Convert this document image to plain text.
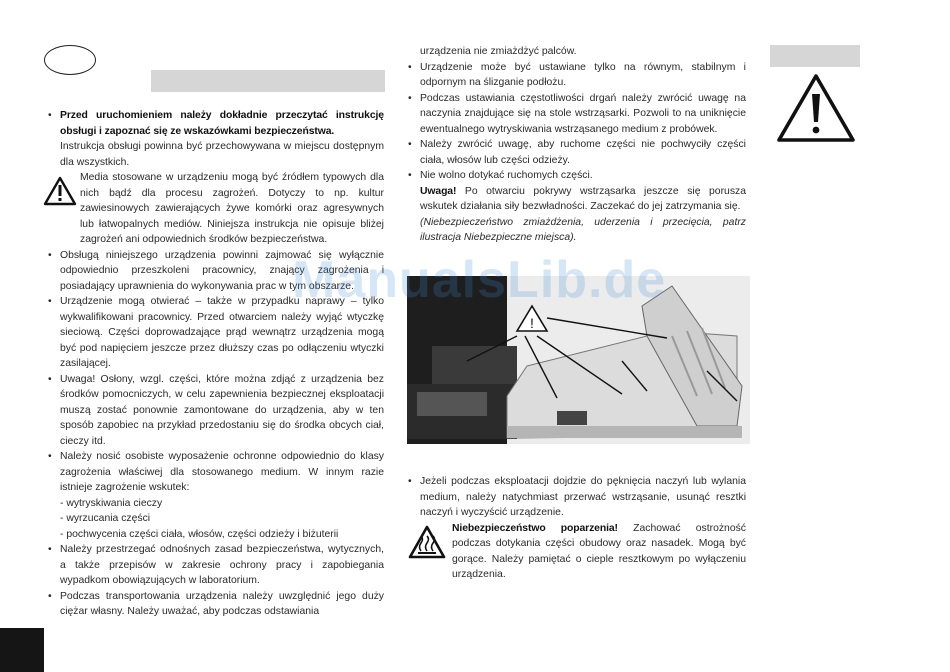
• Przed uruchomieniem należy dokładnie przeczytać instrukcję obsługi i zapoznać się ze wskazówkami bezpieczeństwa.

Instrukcja obsługi powinna być przechowywana w miejscu dostępnym dla wszystkich.

Media stosowane w urządzeniu mogą być źródłem typowych dla nich bądź dla procesu zagrożeń. Dotyczy to np. kultur zawiesinowych zawierających żywe komórki oraz agresywnych lub łatwopalnych mediów. Niniejsza instrukcja nie opisuje bliżej zagrożeń ani odpowiednich środków bezpieczeństwa.
• Obsługą niniejszego urządzenia powinni zajmować się wyłącznie odpowiednio przeszkoleni pracownicy, znający zagrożenia i posiadający uprawnienia do wykonywania prac w tym obszarze.

• Urządzenie mogą otwierać – także w przypadku naprawy – tylko wykwalifikowani pracownicy. Przed otwarciem należy wyjąć wtyczkę sieciową. Części doprowadzające prąd wewnątrz urządzenia mogą być pod napięciem jeszcze przez dłuższy czas po odłączeniu wtyczki zasilającej.

• Uwaga! Osłony, wzgl. części, które można zdjąć z urządzenia bez środków pomocniczych, w celu zapewnienia bezpiecznej eksploatacji muszą zostać ponownie zamontowane do urządzenia, aby w ten sposób zapobiec na przykład przedostaniu się do środka obcych ciał, cieczy itd.

• Należy nosić osobiste wyposażenie ochronne odpowiednio do klasy zagrożenia właściwej dla stosowanego medium. W innym razie istnieje zagrożenie wskutek:

- wytryskiwania cieczy
- wyrzucania części
- pochwycenia części ciała, włosów, części odzieży i biżuterii
• Należy przestrzegać odnośnych zasad bezpieczeństwa, wytycznych, a także przepisów w zakresie ochrony pracy i zapobiegania wypadkom obowiązujących w laboratorium.

• Podczas transportowania urządzenia należy uwzględnić jego duży ciężar własny. Należy uważać, aby podczas odstawiania

urządzenia nie zmiażdżyć palców.

• Urządzenie może być ustawiane tylko na równym, stabilnym i odpornym na ślizganie podłożu.

• Podczas ustawiania częstotliwości drgań należy zwrócić uwagę na naczynia znajdujące się na stole wstrząsarki. Pozwoli to na uniknięcie ewentualnego wytryskiwania wstrząsanego medium z probówek.

• Należy zwrócić uwagę, aby ruchome części nie pochwyciły części ciała, włosów lub części odzieży.

• Nie wolno dotykać ruchomych części.

Uwaga! Po otwarciu pokrywy wstrząsarka jeszcze się porusza wskutek działania siły bezwładności. Zaczekać do jej zatrzymania się.

(Niebezpieczeństwo zmiażdżenia, uderzenia i przecięcia, patrz ilustracja Niebezpieczne miejsca).

!
• Jeżeli podczas eksploatacji dojdzie do pęknięcia naczyń lub wylania medium, należy natychmiast przerwać wstrząsanie, usunąć resztki naczyń i wyczyścić urządzenie.

Niebezpieczeństwo poparzenia! Zachować ostrożność podczas dotykania części obudowy oraz nasadek. Mogą być gorące. Należy pamiętać o cieple resztkowym po wyłączeniu urządzenia.
ManualsLib.de
